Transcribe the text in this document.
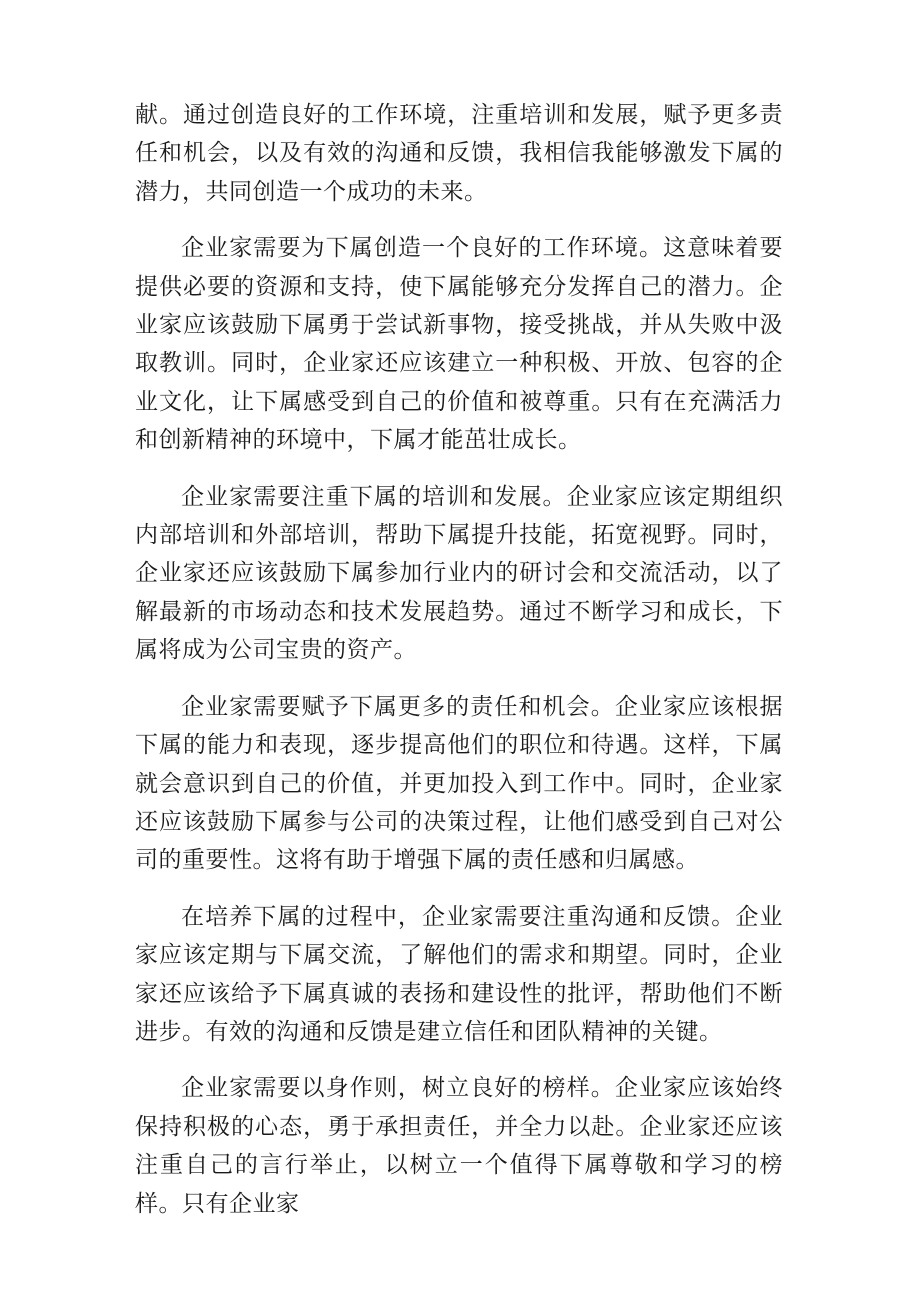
献。通过创造良好的工作环境，注重培训和发展，赋予更多责任和机会，以及有效的沟通和反馈，我相信我能够激发下属的潜力，共同创造一个成功的未来。

企业家需要为下属创造一个良好的工作环境。这意味着要提供必要的资源和支持，使下属能够充分发挥自己的潜力。企业家应该鼓励下属勇于尝试新事物，接受挑战，并从失败中汲取教训。同时，企业家还应该建立一种积极、开放、包容的企业文化，让下属感受到自己的价值和被尊重。只有在充满活力和创新精神的环境中，下属才能茁壮成长。

企业家需要注重下属的培训和发展。企业家应该定期组织内部培训和外部培训，帮助下属提升技能，拓宽视野。同时，企业家还应该鼓励下属参加行业内的研讨会和交流活动，以了解最新的市场动态和技术发展趋势。通过不断学习和成长，下属将成为公司宝贵的资产。

企业家需要赋予下属更多的责任和机会。企业家应该根据下属的能力和表现，逐步提高他们的职位和待遇。这样，下属就会意识到自己的价值，并更加投入到工作中。同时，企业家还应该鼓励下属参与公司的决策过程，让他们感受到自己对公司的重要性。这将有助于增强下属的责任感和归属感。

在培养下属的过程中，企业家需要注重沟通和反馈。企业家应该定期与下属交流，了解他们的需求和期望。同时，企业家还应该给予下属真诚的表扬和建设性的批评，帮助他们不断进步。有效的沟通和反馈是建立信任和团队精神的关键。

企业家需要以身作则，树立良好的榜样。企业家应该始终保持积极的心态，勇于承担责任，并全力以赴。企业家还应该注重自己的言行举止，以树立一个值得下属尊敬和学习的榜样。只有企业家
